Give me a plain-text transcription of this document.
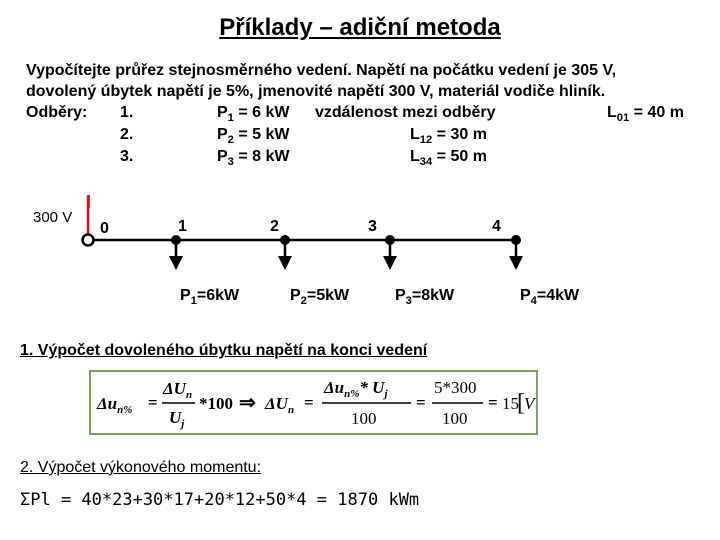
Příklady – adiční metoda
Vypočítejte průřez stejnosměrného vedení. Napětí na počátku vedení je 305 V,
dovolený úbytek napětí je 5%, jmenovité napětí 300 V, materiál vodiče hliník.
Odběry: 1.	$P_1 = 6$ kW vzdálenost mezi odběry	$L_{01} = 40$ m
2.	$P_2 = 5$ kW	$L_{12} = 30$ m
3.	$P_3 = 8$ kW	$L_{34} = 50$ m
I
300 V
0	1	2	3	4
$P_1=6kW$	$P_2=5kW$	$P_3=8kW$	$P_4=4kW$
1. Výpočet dovoleného úbytku napětí na konci vedení
$\Delta u_{n\%}$ =
$\Delta U_n$
$U_j$
*100 ⇒ $\Delta U_n$ =
$\Delta u_{n\%}*$ $U_j$
100
=
5*300
100
= 15
[ V
2. Výpočet výkonového momentu:
ΣPl = 40*23+30*17+20*12+50*4 = 1870 kWm
